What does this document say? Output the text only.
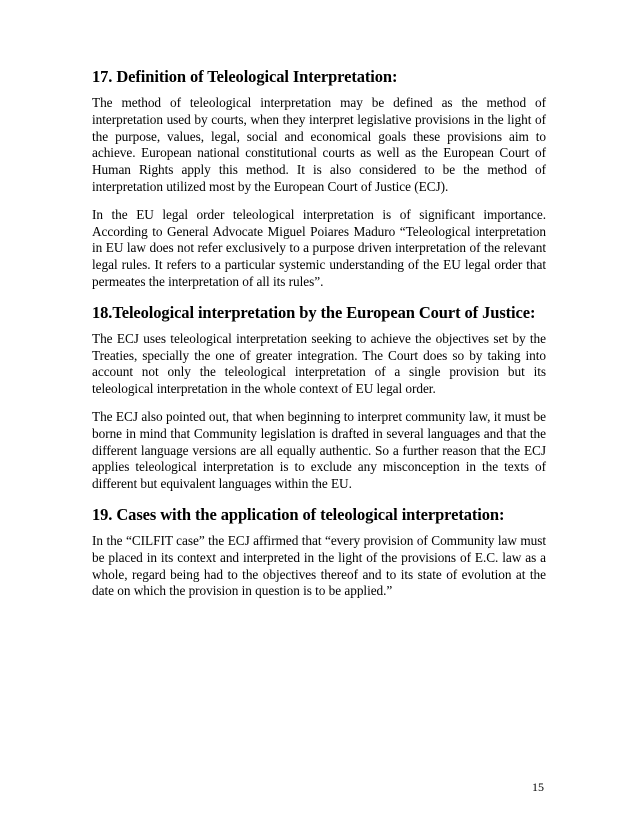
17. Definition of Teleological Interpretation:

The method of teleological interpretation may be defined as the method of interpretation used by courts, when they interpret legislative provisions in the light of the purpose, values, legal, social and economical goals these provisions aim to achieve. European national constitutional courts as well as the European Court of Human Rights apply this method. It is also considered to be the method of interpretation utilized most by the European Court of Justice (ECJ).

In the EU legal order teleological interpretation is of significant importance. According to General Advocate Miguel Poiares Maduro “Teleological interpretation in EU law does not refer exclusively to a purpose driven interpretation of the relevant legal rules. It refers to a particular systemic understanding of the EU legal order that permeates the interpretation of all its rules”.

18.Teleological interpretation by the European Court of Justice:

The ECJ uses teleological interpretation seeking to achieve the objectives set by the Treaties, specially the one of greater integration. The Court does so by taking into account not only the teleological interpretation of a single provision but its teleological interpretation in the whole context of EU legal order.

The ECJ also pointed out, that when beginning to interpret community law, it must be borne in mind that Community legislation is drafted in several languages and that the different language versions are all equally authentic. So a further reason that the ECJ applies teleological interpretation is to exclude any misconception in the texts of different but equivalent languages within the EU.

19. Cases with the application of teleological interpretation:

In the “CILFIT case” the ECJ affirmed that “every provision of Community law must be placed in its context and interpreted in the light of the provisions of E.C. law as a whole, regard being had to the objectives thereof and to its state of evolution at the date on which the provision in question is to be applied.”

15
